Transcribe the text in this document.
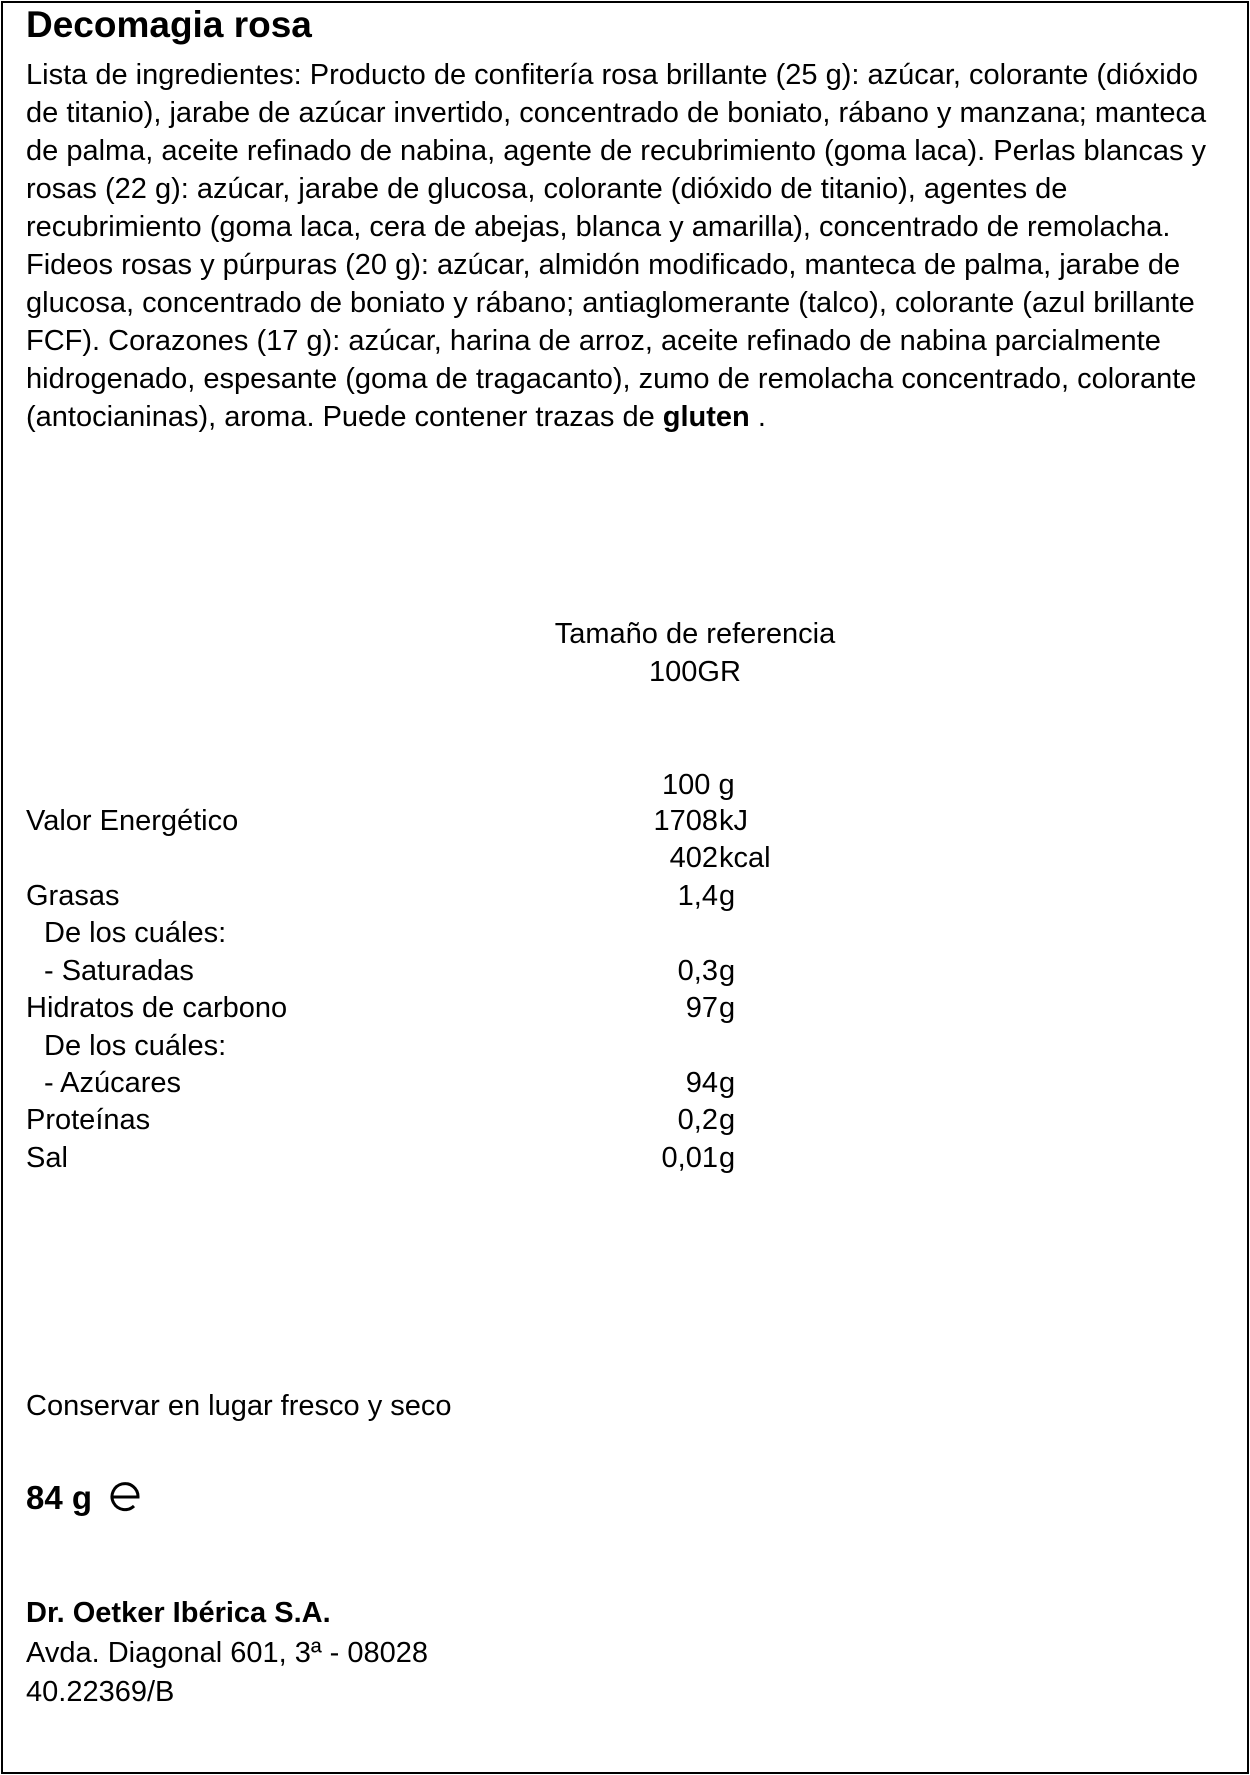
Decomagia rosa
Lista de ingredientes: Producto de confitería rosa brillante (25 g): azúcar, colorante (dióxido de titanio), jarabe de azúcar invertido, concentrado de boniato, rábano y manzana; manteca de palma, aceite refinado de nabina, agente de recubrimiento (goma laca). Perlas blancas y rosas (22 g): azúcar, jarabe de glucosa, colorante (dióxido de titanio), agentes de recubrimiento (goma laca, cera de abejas, blanca y amarilla), concentrado de remolacha. Fideos rosas y púrpuras (20 g): azúcar, almidón modificado, manteca de palma, jarabe de glucosa, concentrado de boniato y rábano; antiaglomerante (talco), colorante (azul brillante FCF). Corazones (17 g): azúcar, harina de arroz, aceite refinado de nabina parcialmente hidrogenado, espesante (goma de tragacanto), zumo de remolacha concentrado, colorante (antocianinas), aroma. Puede contener trazas de gluten .
Tamaño de referencia
100GR
100 g
Valor Energético	1708 kJ
402 kcal
Grasas	1,4 g
De los cuáles:
- Saturadas	0,3 g
Hidratos de carbono	97 g
De los cuáles:
- Azúcares	94 g
Proteínas	0,2 g
Sal	0,01 g
Conservar en lugar fresco y seco
84 g
Dr. Oetker Ibérica S.A.
Avda. Diagonal 601, 3ª - 08028
40.22369/B
